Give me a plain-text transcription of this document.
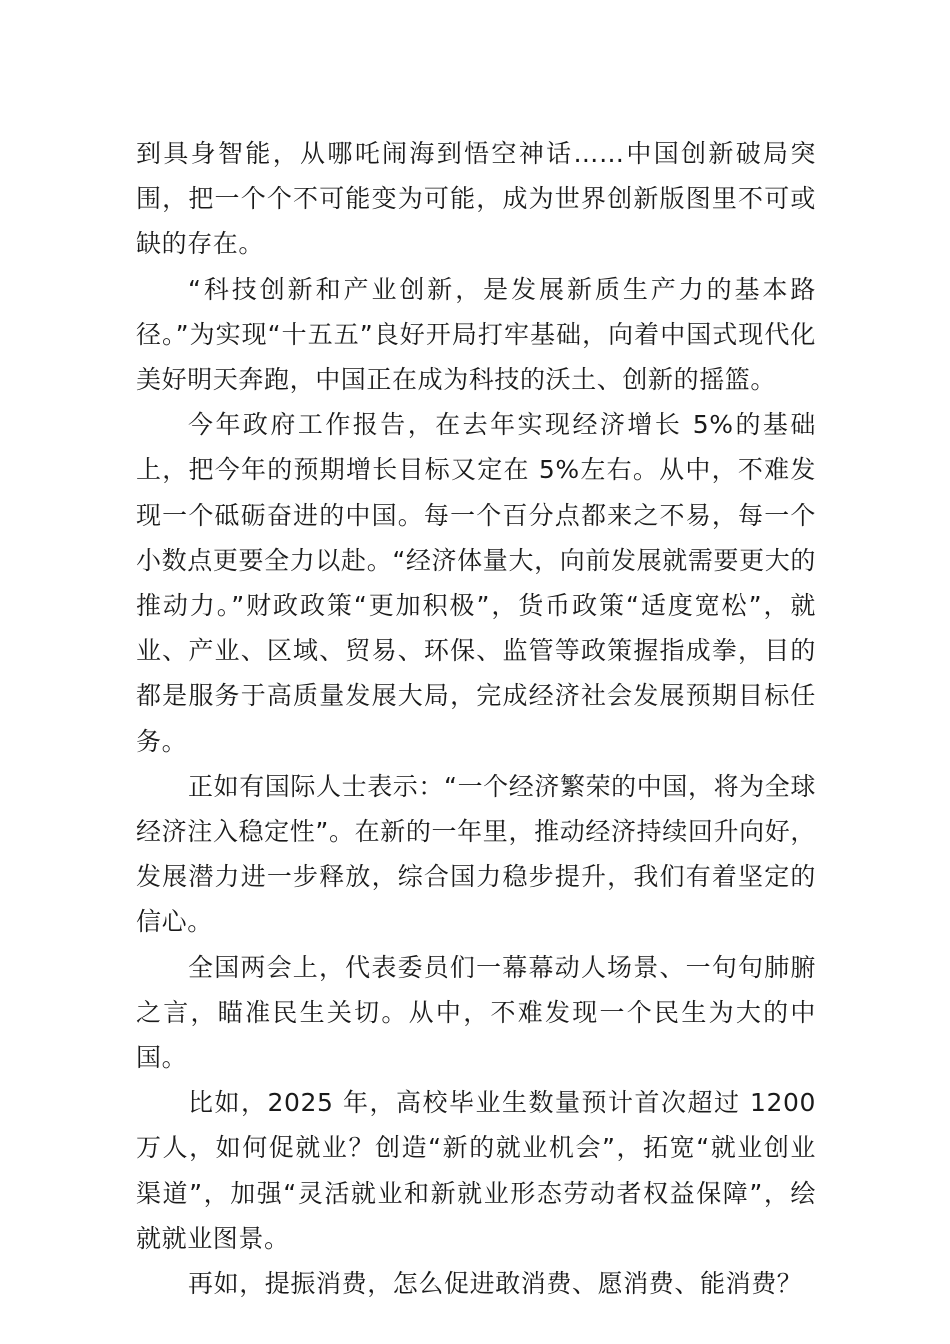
到具身智能，从哪吒闹海到悟空神话……中国创新破局突围，把一个个不可能变为可能，成为世界创新版图里不可或缺的存在。

“科技创新和产业创新，是发展新质生产力的基本路径。”为实现“十五五”良好开局打牢基础，向着中国式现代化美好明天奔跑，中国正在成为科技的沃土、创新的摇篮。

今年政府工作报告，在去年实现经济增长 5%的基础上，把今年的预期增长目标又定在 5%左右。从中，不难发现一个砥砺奋进的中国。每一个百分点都来之不易，每一个小数点更要全力以赴。“经济体量大，向前发展就需要更大的推动力。”财政政策“更加积极”，货币政策“适度宽松”，就业、产业、区域、贸易、环保、监管等政策握指成拳，目的都是服务于高质量发展大局，完成经济社会发展预期目标任务。

正如有国际人士表示：“一个经济繁荣的中国，将为全球经济注入稳定性”。在新的一年里，推动经济持续回升向好，发展潜力进一步释放，综合国力稳步提升，我们有着坚定的信心。

全国两会上，代表委员们一幕幕动人场景、一句句肺腑之言，瞄准民生关切。从中，不难发现一个民生为大的中国。

比如，2025 年，高校毕业生数量预计首次超过 1200 万人，如何促就业？创造“新的就业机会”，拓宽“就业创业渠道”，加强“灵活就业和新就业形态劳动者权益保障”，绘就就业图景。

再如，提振消费，怎么促进敢消费、愿消费、能消费？
